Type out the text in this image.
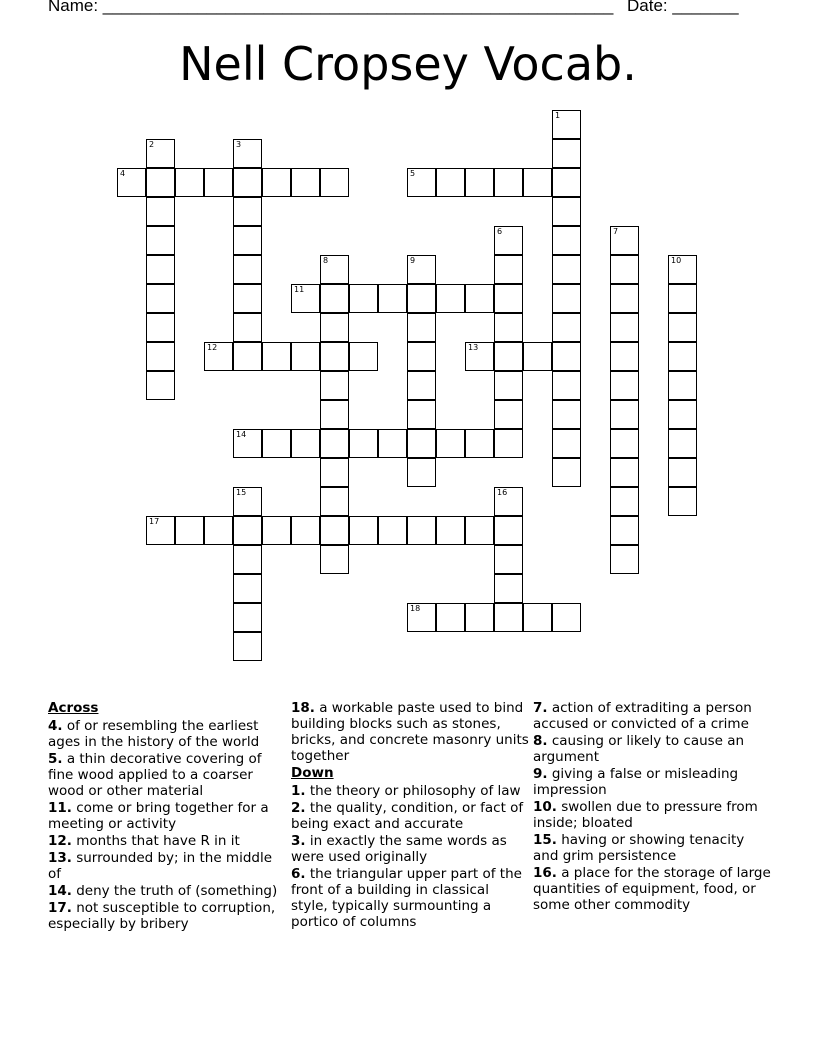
Name: ______________________________________________________ Date: _______
Nell Cropsey Vocab.
1
2	3
4	5
6	7
8	9	10
11
12	13
14
15	16
17
18
Across
4. of or resembling the earliest ages in the history of the world
5. a thin decorative covering of fine wood applied to a coarser wood or other material
11. come or bring together for a meeting or activity
12. months that have R in it
13. surrounded by; in the middle of
14. deny the truth of (something)
17. not susceptible to corruption, especially by bribery
18. a workable paste used to bind building blocks such as stones, bricks, and concrete masonry units together
Down
1. the theory or philosophy of law
2. the quality, condition, or fact of being exact and accurate
3. in exactly the same words as were used originally
6. the triangular upper part of the front of a building in classical style, typically surmounting a portico of columns
7. action of extraditing a person accused or convicted of a crime
8. causing or likely to cause an argument
9. giving a false or misleading impression
10. swollen due to pressure from inside; bloated
15. having or showing tenacity and grim persistence
16. a place for the storage of large quantities of equipment, food, or some other commodity
